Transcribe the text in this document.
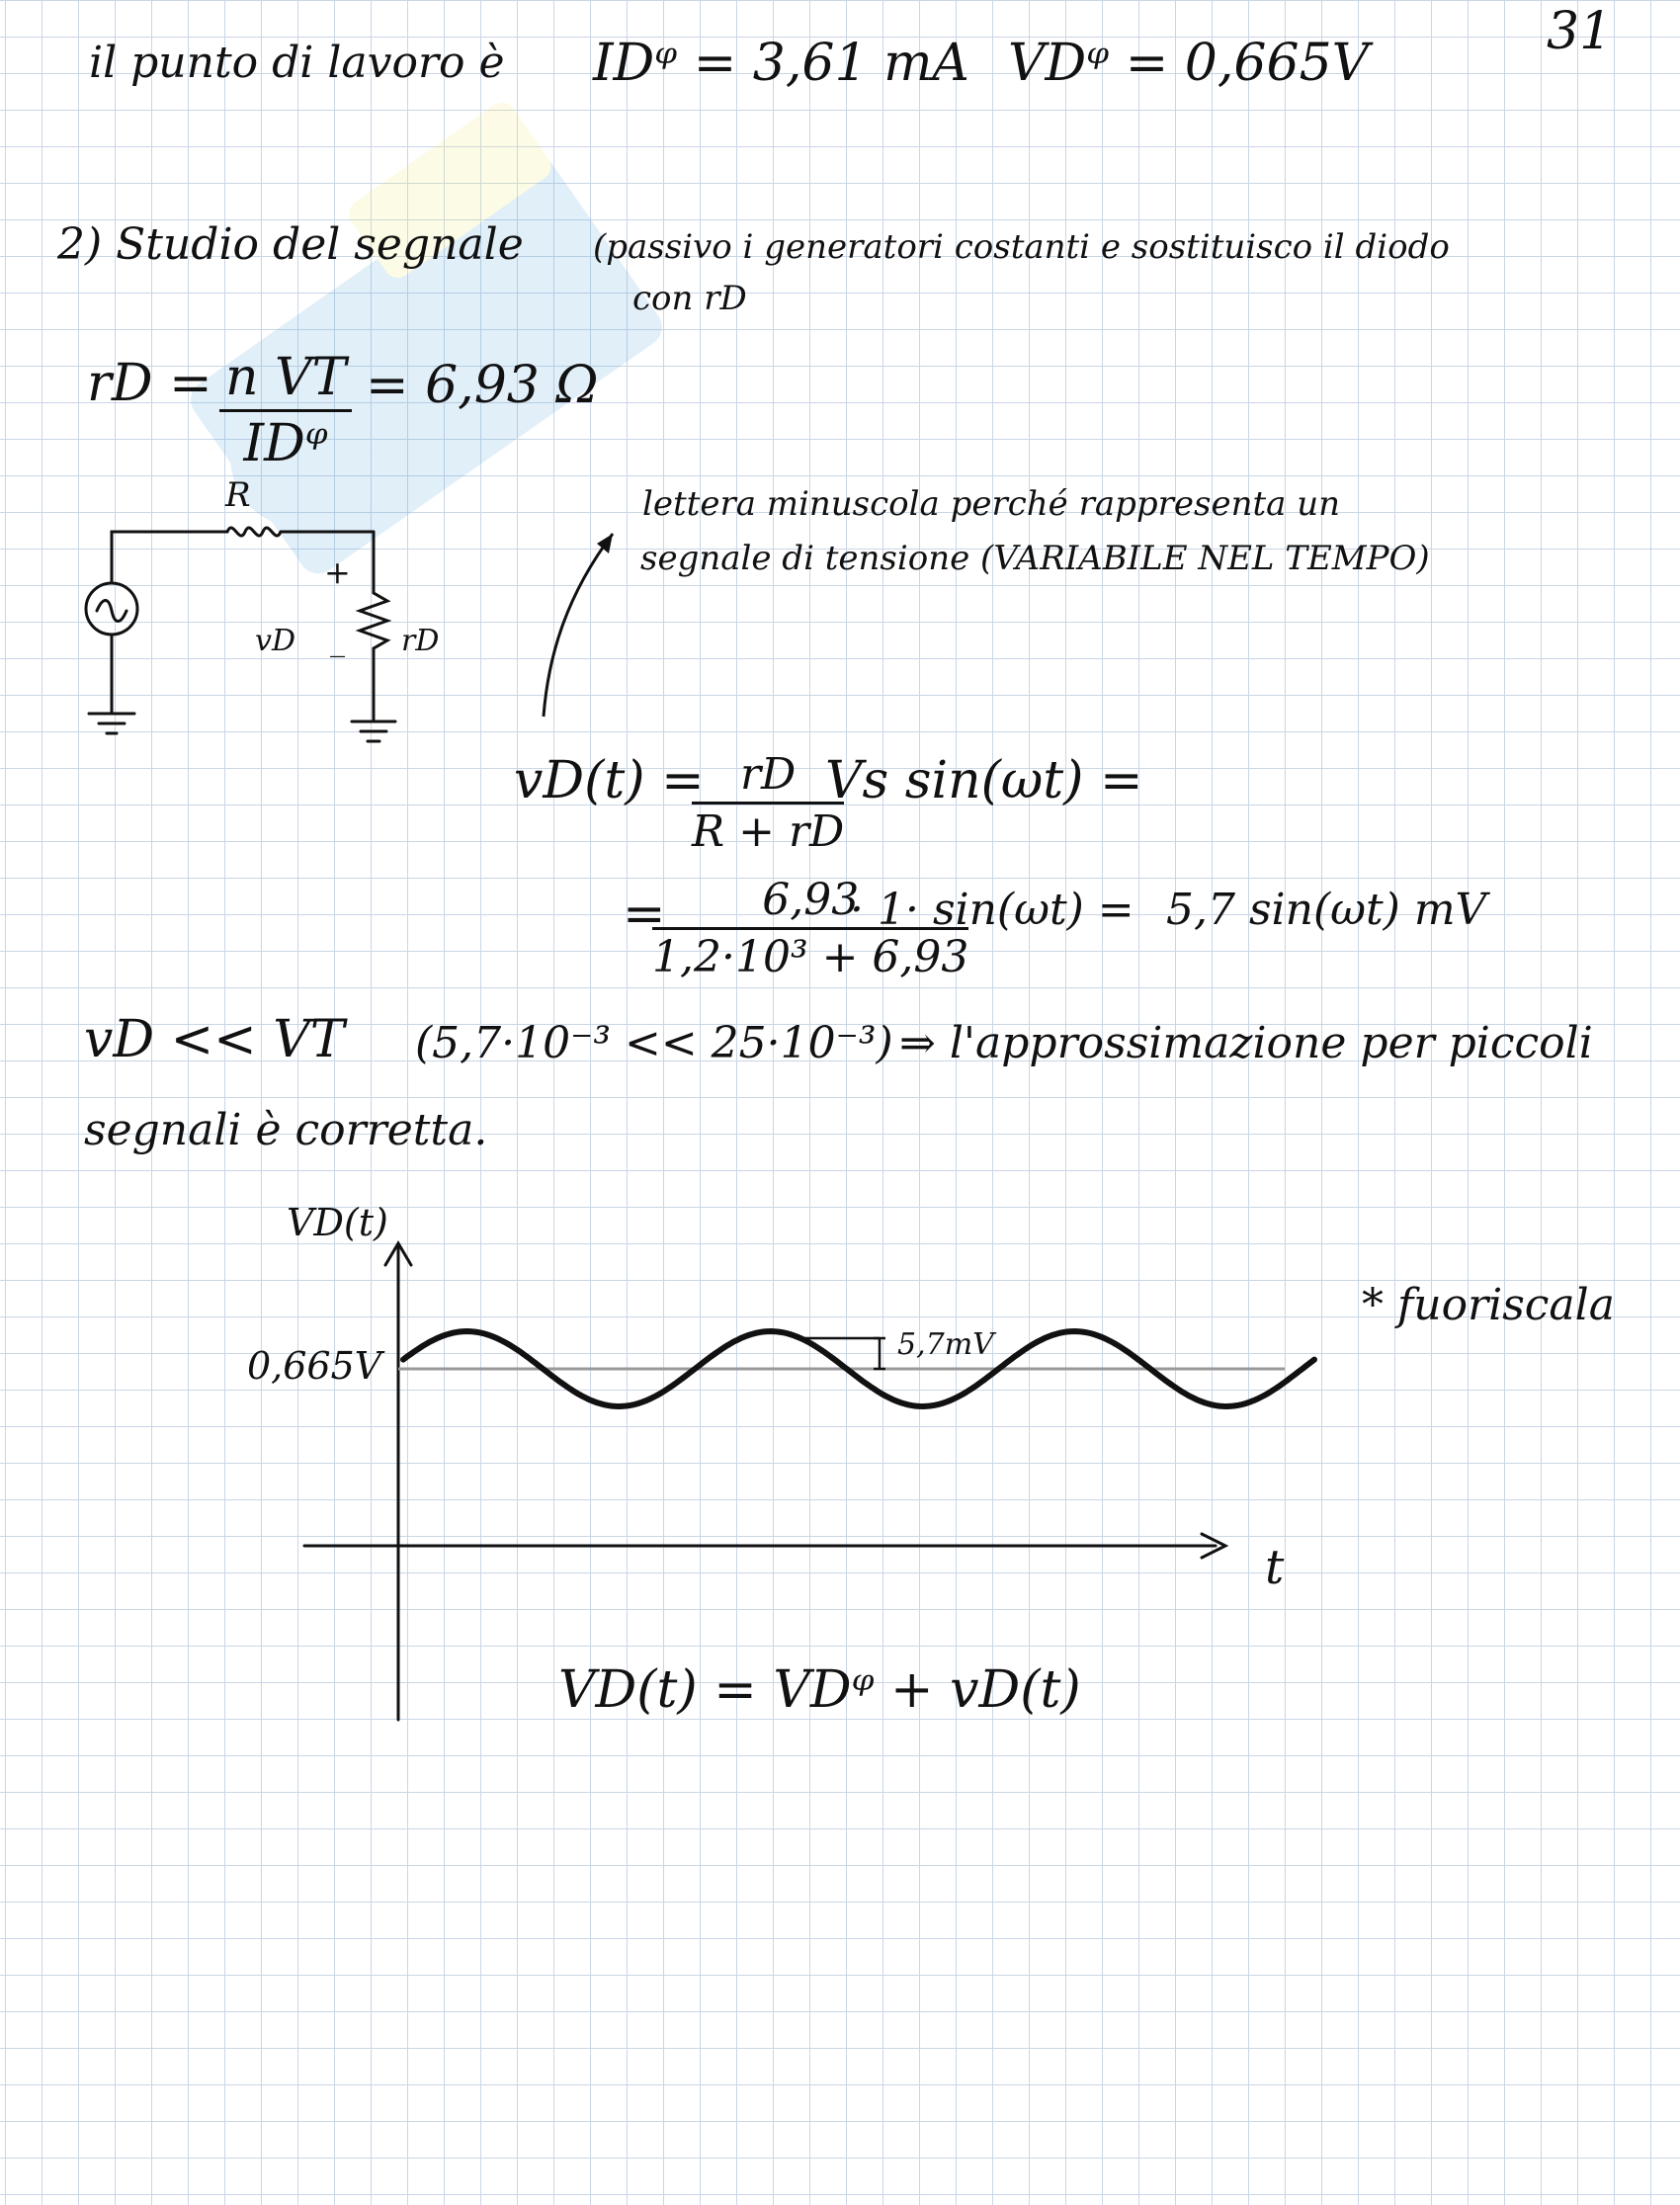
31
il punto di lavoro è IDᵠ = 3,61 mA VDᵠ = 0,665V
2) Studio del segnale (passivo i generatori costanti e sostituisco il diodo
con rD
rD = n VT
IDᵠ
= 6,93 Ω
R
+
vD _ rD
lettera minuscola perché rappresenta un
segnale di tensione (VARIABILE NEL TEMPO)
vD(t) =
$\frac{rD}{R + rD}$
Vs sin(ωt) =
=
$\frac{6,93}{\text{1,2·10³ + 6,93}}$
· 1· sin(ωt) = 5,7 sin(ωt) mV
vD << VT (5,7·10⁻³ << 25·10⁻³) ⇒ l'approssimazione per piccoli
segnali è corretta.
0,665V
VD(t)
t
5,7mV
* fuoriscala
VD(t) = VDᵠ + vD(t)
